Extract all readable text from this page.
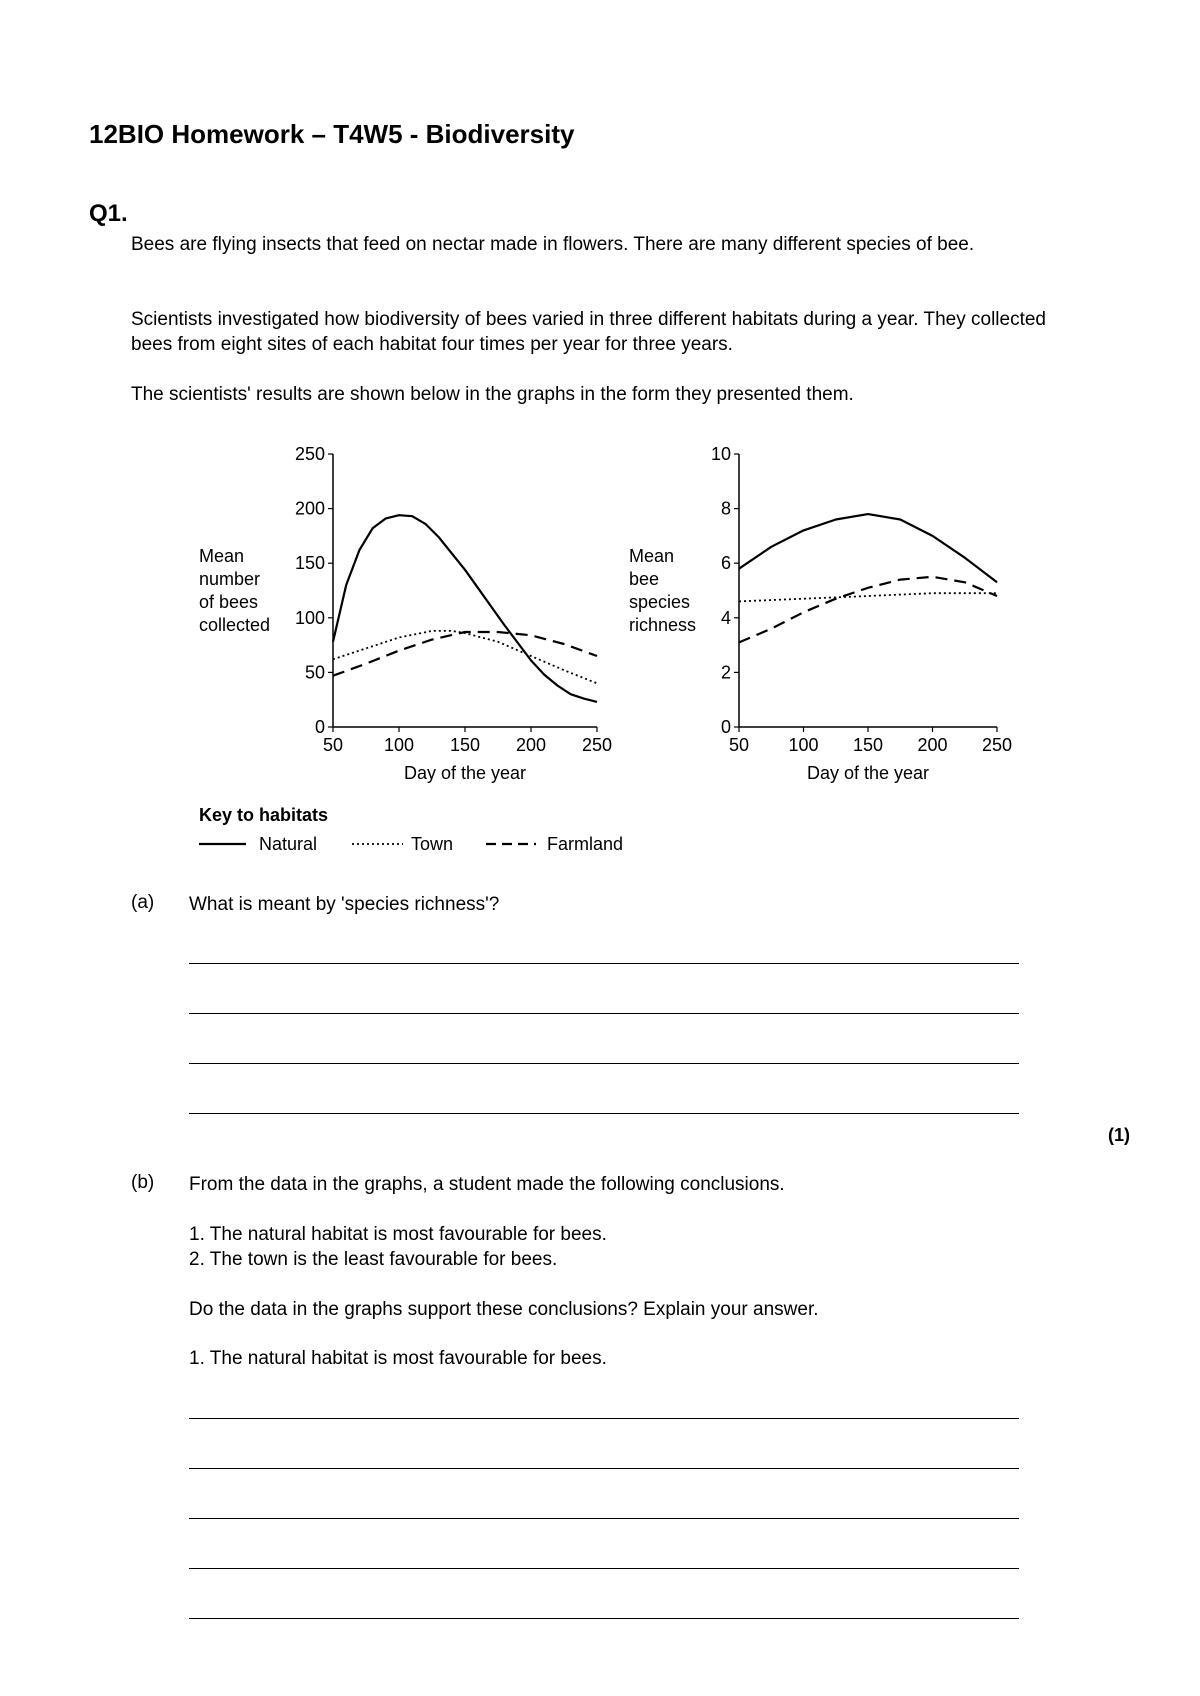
12BIO Homework – T4W5 - Biodiversity
Q1.
Bees are flying insects that feed on nectar made in flowers. There are many different species of bee.
Scientists investigated how biodiversity of bees varied in three different habitats during a year. They collected bees from eight sites of each habitat four times per year for three years.
The scientists' results are shown below in the graphs in the form they presented them.
0
50
100
150
200
250
50 100 150 200 250
Day of the year
Mean number of bees collected
0
2
4
6
8
10
50 100 150 200 250
Day of the year
Mean bee species richness
Key to habitats
Natural	Town	Farmland
(a) What is meant by 'species richness'?
(1)
(b) From the data in the graphs, a student made the following conclusions.
1. The natural habitat is most favourable for bees.
2. The town is the least favourable for bees.
Do the data in the graphs support these conclusions? Explain your answer.
1. The natural habitat is most favourable for bees.
